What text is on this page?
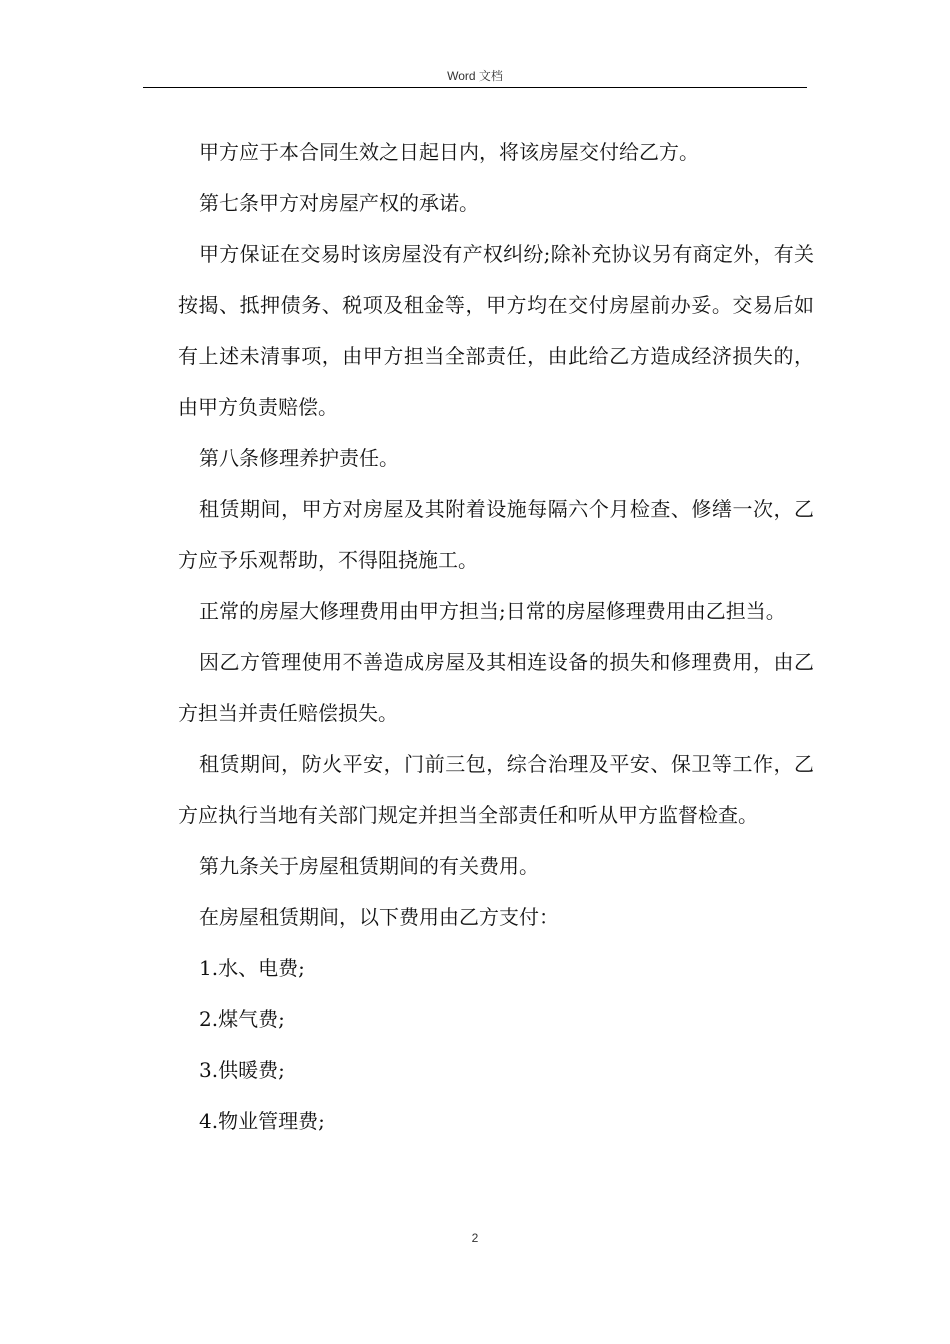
Word 文档

甲方应于本合同生效之日起日内，将该房屋交付给乙方。

第七条甲方对房屋产权的承诺。

甲方保证在交易时该房屋没有产权纠纷;除补充协议另有商定外，有关按揭、抵押债务、税项及租金等，甲方均在交付房屋前办妥。交易后如有上述未清事项，由甲方担当全部责任，由此给乙方造成经济损失的，由甲方负责赔偿。

第八条修理养护责任。

租赁期间，甲方对房屋及其附着设施每隔六个月检查、修缮一次，乙方应予乐观帮助，不得阻挠施工。

正常的房屋大修理费用由甲方担当;日常的房屋修理费用由乙担当。

因乙方管理使用不善造成房屋及其相连设备的损失和修理费用，由乙方担当并责任赔偿损失。

租赁期间，防火平安，门前三包，综合治理及平安、保卫等工作，乙方应执行当地有关部门规定并担当全部责任和听从甲方监督检查。

第九条关于房屋租赁期间的有关费用。

在房屋租赁期间，以下费用由乙方支付：

1.水、电费;

2.煤气费;

3.供暖费;

4.物业管理费;

2
